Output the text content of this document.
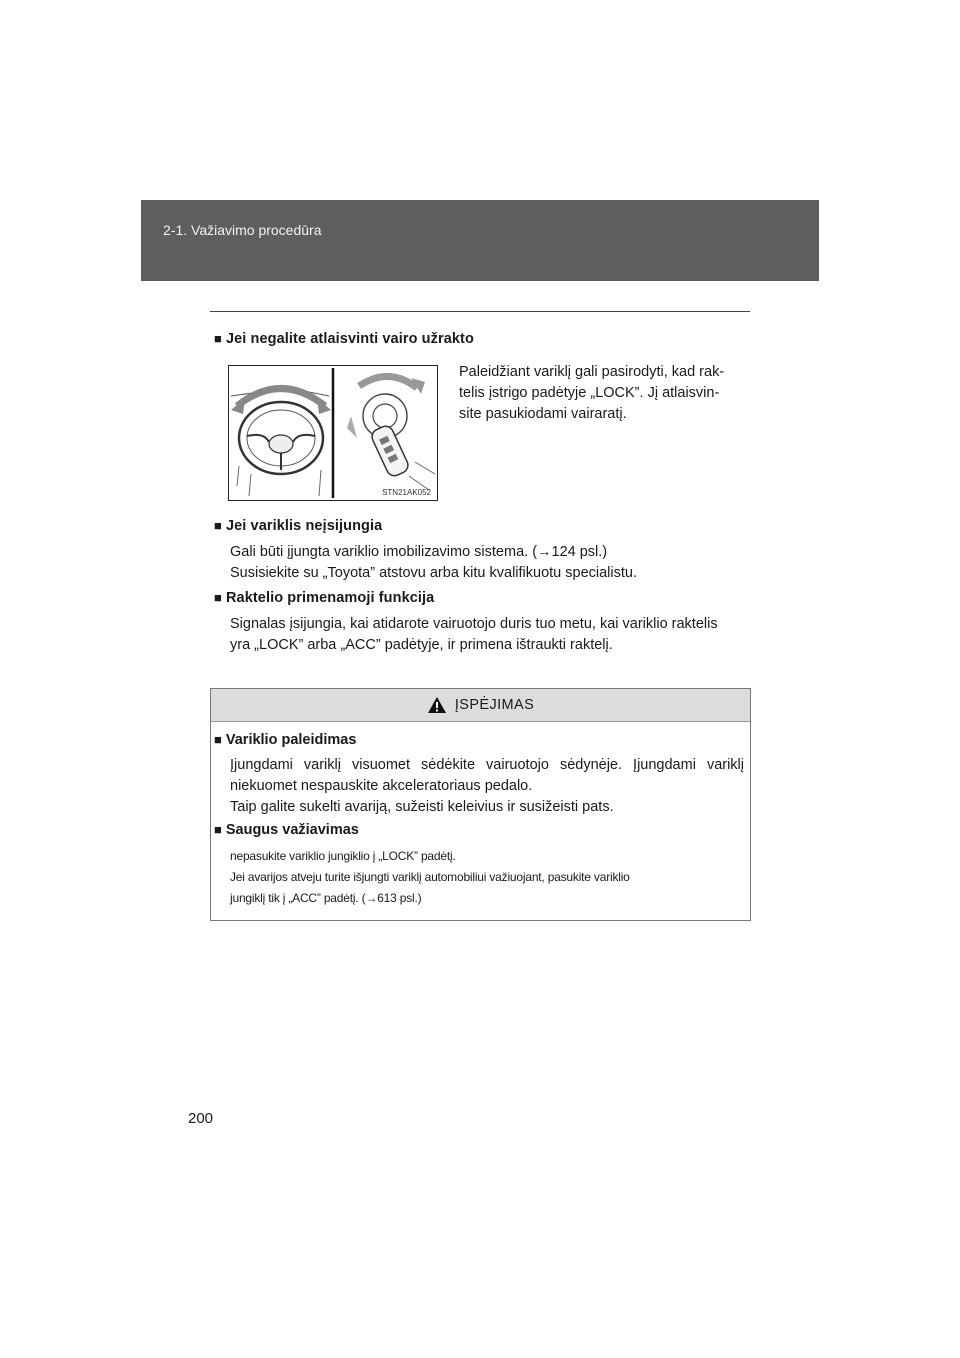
2-1. Važiavimo procedūra
■ Jei negalite atlaisvinti vairo užrakto
STN21AK052
Paleidžiant variklį gali pasirodyti, kad rak-
telis įstrigo padėtyje „LOCK”. Jį atlaisvin-
site pasukiodami vairaratį.
■ Jei variklis neįsijungia
Gali būti įjungta variklio imobilizavimo sistema. (→124 psl.)
Susisiekite su „Toyota” atstovu arba kitu kvalifikuotu specialistu.
■ Raktelio primenamoji funkcija
Signalas įsijungia, kai atidarote vairuotojo duris tuo metu, kai variklio raktelis
yra „LOCK” arba „ACC” padėtyje, ir primena ištraukti raktelį.
ĮSPĖJIMAS
■ Variklio paleidimas
Įjungdami variklį visuomet sėdėkite vairuotojo sėdynėje. Įjungdami variklį
niekuomet nespauskite akceleratoriaus pedalo.
Taip galite sukelti avariją, sužeisti keleivius ir susižeisti pats.
■ Saugus važiavimas
nepasukite variklio jungiklio į „LOCK” padėtį.
Jei avarijos atveju turite išjungti variklį automobiliui važiuojant, pasukite variklio
jungiklį tik į „ACC” padėtį. (→613 psl.)
200
